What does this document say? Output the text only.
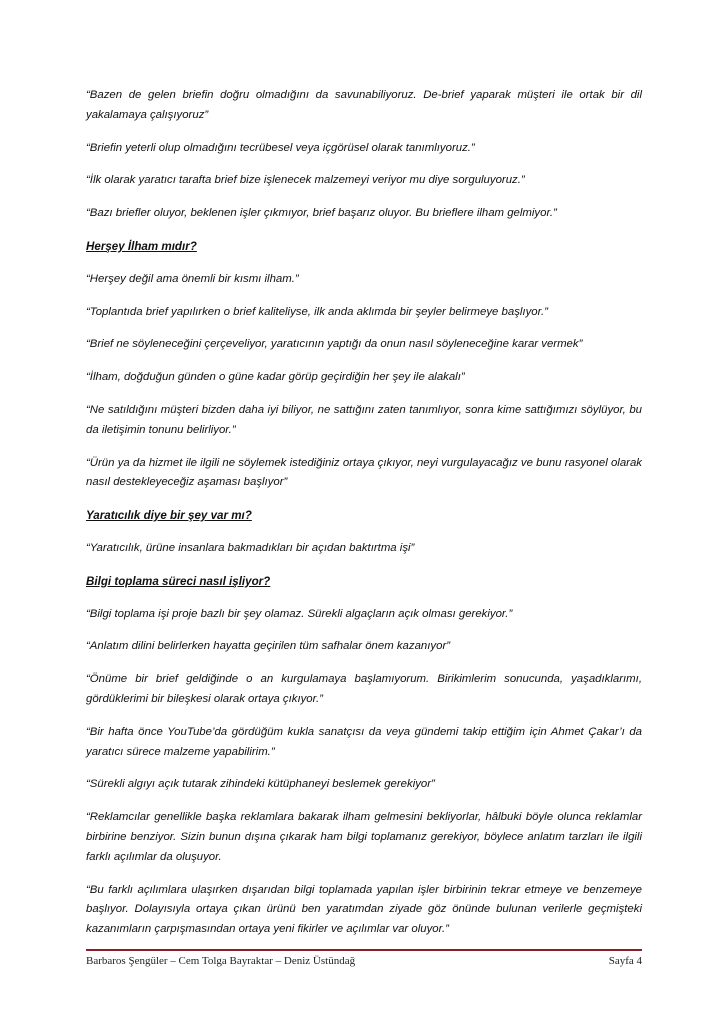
“Bazen de gelen briefin doğru olmadığını da savunabiliyoruz. De-brief yaparak müşteri ile ortak bir dil yakalamaya çalışıyoruz”

“Briefin yeterli olup olmadığını tecrübesel veya içgörüsel olarak tanımlıyoruz.”

“İlk olarak yaratıcı tarafta brief bize işlenecek malzemeyi veriyor mu diye sorguluyoruz.”

“Bazı briefler oluyor, beklenen işler çıkmıyor, brief başarız oluyor. Bu brieflere ilham gelmiyor.”

Herşey İlham mıdır?

“Herşey değil ama önemli bir kısmı ilham.”

“Toplantıda brief yapılırken o brief kaliteliyse, ilk anda aklımda bir şeyler belirmeye başlıyor.”

“Brief ne söyleneceğini çerçeveliyor, yaratıcının yaptığı da onun nasıl söyleneceğine karar vermek”

“İlham, doğduğun günden o güne kadar görüp geçirdiğin her şey ile alakalı”

“Ne satıldığını müşteri bizden daha iyi biliyor, ne sattığını zaten tanımlıyor, sonra kime sattığımızı söylüyor, bu da iletişimin tonunu belirliyor.”

“Ürün ya da hizmet ile ilgili ne söylemek istediğiniz ortaya çıkıyor, neyi vurgulayacağız ve bunu rasyonel olarak nasıl destekleyeceğiz aşaması başlıyor”

Yaratıcılık diye bir şey var mı?

“Yaratıcılık, ürüne insanlara bakmadıkları bir açıdan baktırtma işi”

Bilgi toplama süreci nasıl işliyor?

“Bilgi toplama işi proje bazlı bir şey olamaz. Sürekli algaçların açık olması gerekiyor.”

“Anlatım dilini belirlerken hayatta geçirilen tüm safhalar önem kazanıyor”

“Önüme bir brief geldiğinde o an kurgulamaya başlamıyorum. Birikimlerim sonucunda, yaşadıklarımı, gördüklerimi bir bileşkesi olarak ortaya çıkıyor.”

“Bir hafta önce YouTube’da gördüğüm kukla sanatçısı da veya gündemi takip ettiğim için Ahmet Çakar’ı da yaratıcı sürece malzeme yapabilirim.”

“Sürekli algıyı açık tutarak zihindeki kütüphaneyi beslemek gerekiyor”

“Reklamcılar genellikle başka reklamlara bakarak ilham gelmesini bekliyorlar, hâlbuki böyle olunca reklamlar birbirine benziyor. Sizin bunun dışına çıkarak ham bilgi toplamanız gerekiyor, böylece anlatım tarzları ile ilgili farklı açılımlar da oluşuyor.

“Bu farklı açılımlara ulaşırken dışarıdan bilgi toplamada yapılan işler birbirinin tekrar etmeye ve benzemeye başlıyor. Dolayısıyla ortaya çıkan ürünü ben yaratımdan ziyade göz önünde bulunan verilerle geçmişteki kazanımların çarpışmasından ortaya yeni fikirler ve açılımlar var oluyor.”

Barbaros Şengüler – Cem Tolga Bayraktar – Deniz Üstündağ	Sayfa 4
